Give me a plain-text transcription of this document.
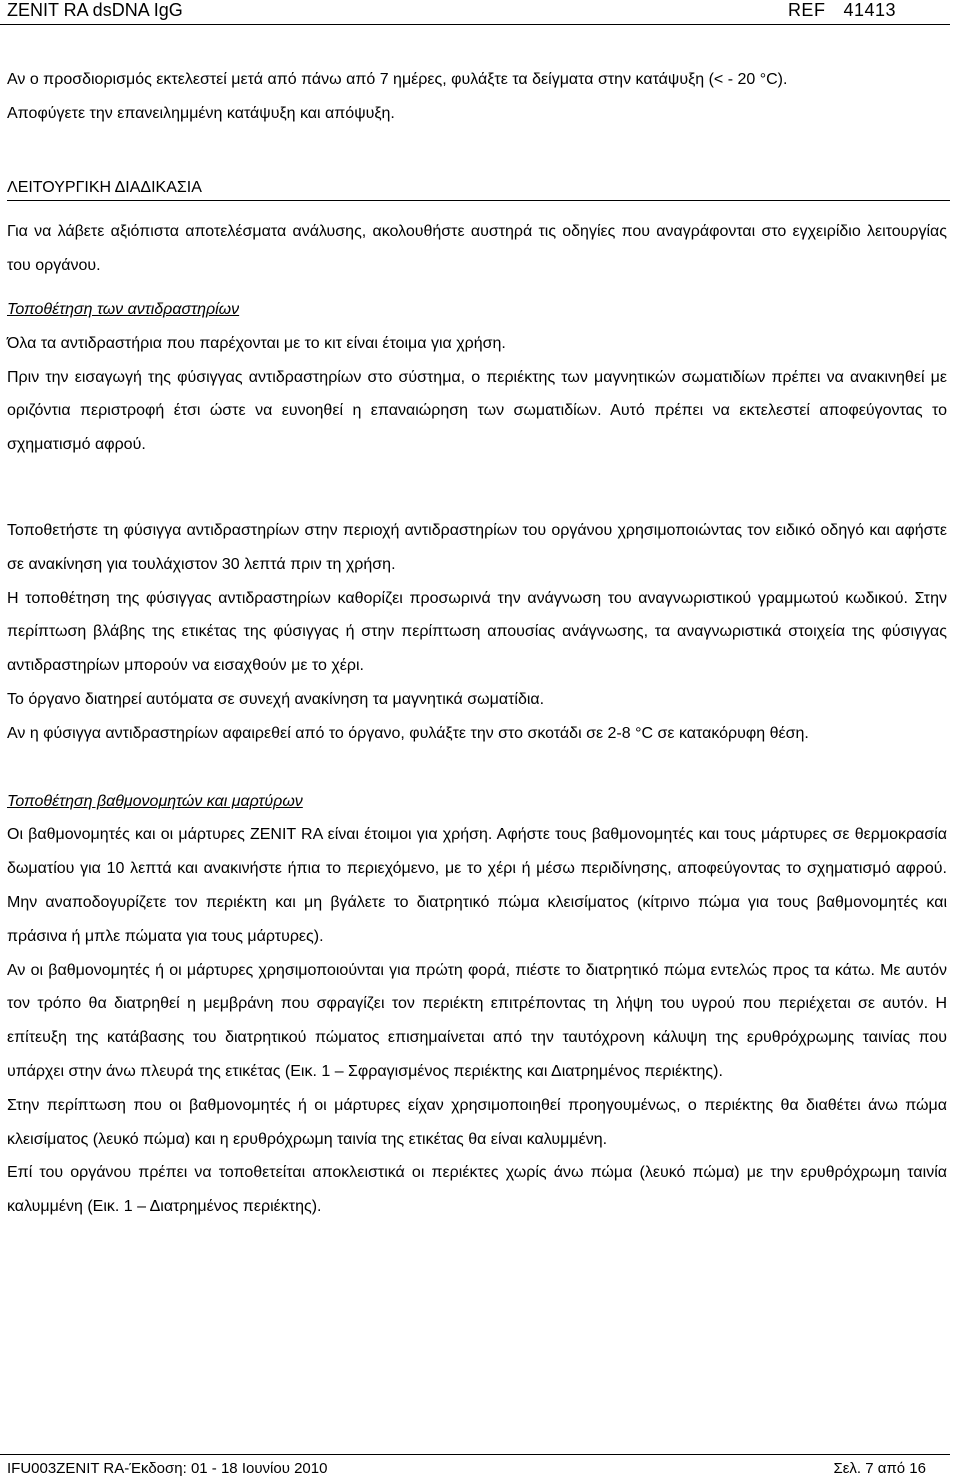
ZENIT RA dsDNA IgG	REF 41413

Αν ο προσδιορισμός εκτελεστεί μετά από πάνω από 7 ημέρες, φυλάξτε τα δείγματα στην κατάψυξη (< - 20 °C).

Αποφύγετε την επανειλημμένη κατάψυξη και απόψυξη.

ΛΕΙΤΟΥΡΓΙΚΗ ΔΙΑΔΙΚΑΣΙΑ

Για να λάβετε αξιόπιστα αποτελέσματα ανάλυσης, ακολουθήστε αυστηρά τις οδηγίες που αναγράφονται στο εγχειρίδιο λειτουργίας του οργάνου.

Τοποθέτηση των αντιδραστηρίων

Όλα τα αντιδραστήρια που παρέχονται με το κιτ είναι έτοιμα για χρήση.

Πριν την εισαγωγή της φύσιγγας αντιδραστηρίων στο σύστημα, ο περιέκτης των μαγνητικών σωματιδίων πρέπει να ανακινηθεί με οριζόντια περιστροφή έτσι ώστε να ευνοηθεί η επαναιώρηση των σωματιδίων. Αυτό πρέπει να εκτελεστεί αποφεύγοντας το σχηματισμό αφρού.

Τοποθετήστε τη φύσιγγα αντιδραστηρίων στην περιοχή αντιδραστηρίων του οργάνου χρησιμοποιώντας τον ειδικό οδηγό και αφήστε σε ανακίνηση για τουλάχιστον 30 λεπτά πριν τη χρήση.

Η τοποθέτηση της φύσιγγας αντιδραστηρίων καθορίζει προσωρινά την ανάγνωση του αναγνωριστικού γραμμωτού κωδικού. Στην περίπτωση βλάβης της ετικέτας της φύσιγγας ή στην περίπτωση απουσίας ανάγνωσης, τα αναγνωριστικά στοιχεία της φύσιγγας αντιδραστηρίων μπορούν να εισαχθούν με το χέρι.

Το όργανο διατηρεί αυτόματα σε συνεχή ανακίνηση τα μαγνητικά σωματίδια.

Αν η φύσιγγα αντιδραστηρίων αφαιρεθεί από το όργανο, φυλάξτε την στο σκοτάδι σε 2-8 °C σε κατακόρυφη θέση.

Τοποθέτηση βαθμονομητών και μαρτύρων

Οι βαθμονομητές και οι μάρτυρες ZENIT RA είναι έτοιμοι για χρήση. Αφήστε τους βαθμονομητές και τους μάρτυρες σε θερμοκρασία δωματίου για 10 λεπτά και ανακινήστε ήπια το περιεχόμενο, με το χέρι ή μέσω περιδίνησης, αποφεύγοντας το σχηματισμό αφρού. Μην αναποδογυρίζετε τον περιέκτη και μη βγάλετε το διατρητικό πώμα κλεισίματος (κίτρινο πώμα για τους βαθμονομητές και πράσινα ή μπλε πώματα για τους μάρτυρες).

Αν οι βαθμονομητές ή οι μάρτυρες χρησιμοποιούνται για πρώτη φορά, πιέστε το διατρητικό πώμα εντελώς προς τα κάτω. Με αυτόν τον τρόπο θα διατρηθεί η μεμβράνη που σφραγίζει τον περιέκτη επιτρέποντας τη λήψη του υγρού που περιέχεται σε αυτόν. Η επίτευξη της κατάβασης του διατρητικού πώματος επισημαίνεται από την ταυτόχρονη κάλυψη της ερυθρόχρωμης ταινίας που υπάρχει στην άνω πλευρά της ετικέτας (Εικ. 1 – Σφραγισμένος περιέκτης και Διατρημένος περιέκτης).

Στην περίπτωση που οι βαθμονομητές ή οι μάρτυρες είχαν χρησιμοποιηθεί προηγουμένως, ο περιέκτης θα διαθέτει άνω πώμα κλεισίματος (λευκό πώμα) και η ερυθρόχρωμη ταινία της ετικέτας θα είναι καλυμμένη.

Επί του οργάνου πρέπει να τοποθετείται αποκλειστικά οι περιέκτες χωρίς άνω πώμα (λευκό πώμα) με την ερυθρόχρωμη ταινία καλυμμένη (Εικ. 1 – Διατρημένος περιέκτης).

IFU003ZENIT RA-Έκδοση: 01 - 18 Ιουνίου 2010	Σελ. 7 από 16
